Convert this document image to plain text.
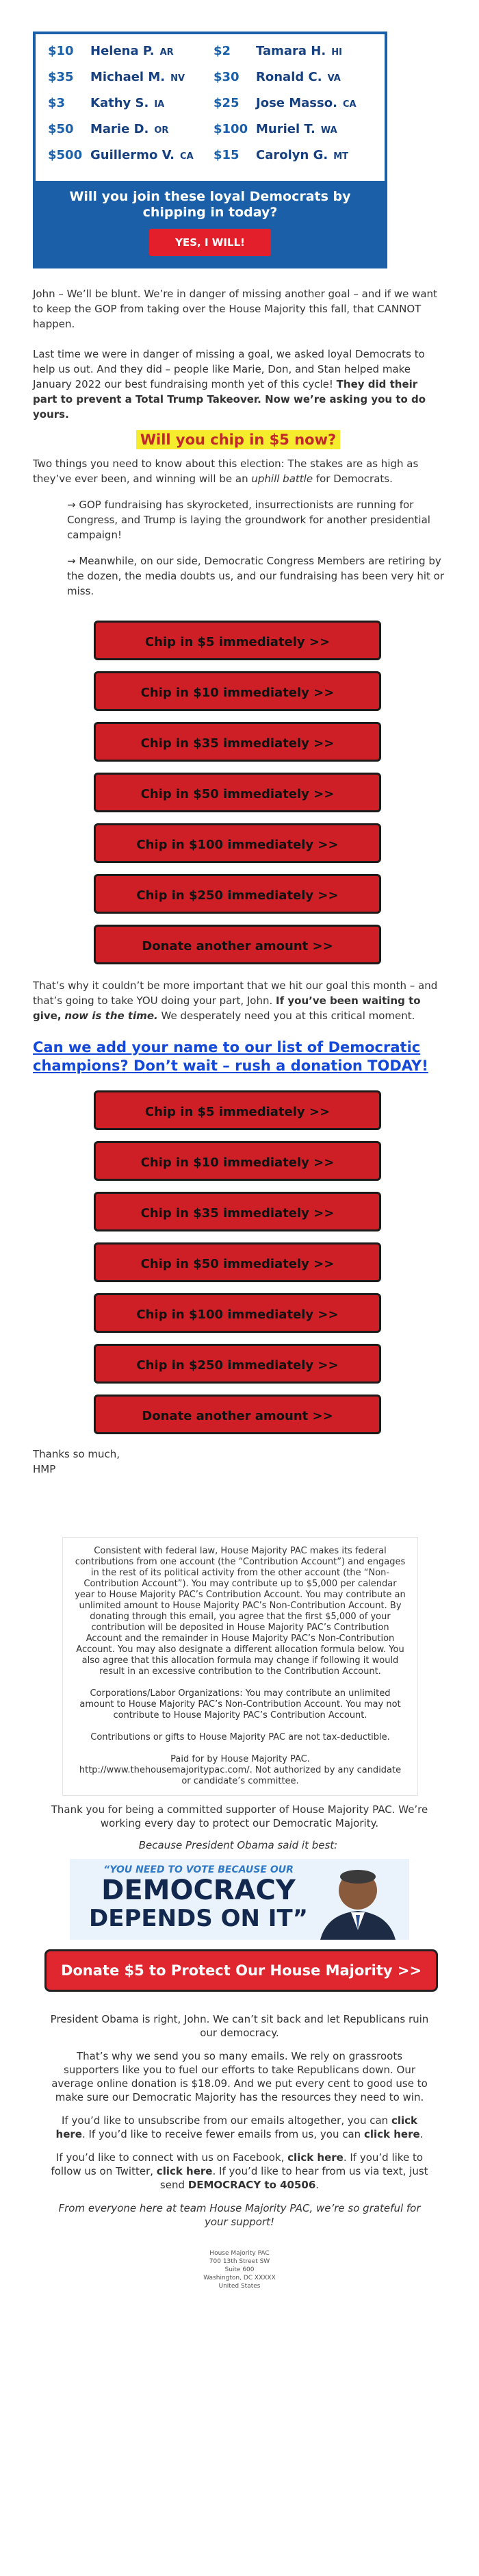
$10	Helena P. AR	$2	Tamara H. HI
$35	Michael M. NV $30	Ronald C. VA
$3	Kathy S. IA	$25	Jose Masso. CA
$50	Marie D. OR	$100 Muriel T. WA
$500 Guillermo V. CA $15	Carolyn G. MT
Will you join these loyal Democrats by chipping in today?
YES, I WILL!

John – We’ll be blunt. We’re in danger of missing another goal – and if we want to keep the GOP from taking over the House Majority this fall, that CANNOT happen.

Last time we were in danger of missing a goal, we asked loyal Democrats to help us out. And they did – people like Marie, Don, and Stan helped make January 2022 our best fundraising month yet of this cycle! They did their part to prevent a Total Trump Takeover. Now we’re asking you to do yours.

Will you chip in $5 now?

Two things you need to know about this election: The stakes are as high as they’ve ever been, and winning will be an uphill battle for Democrats.

→ GOP fundraising has skyrocketed, insurrectionists are running for Congress, and Trump is laying the groundwork for another presidential campaign!

→ Meanwhile, on our side, Democratic Congress Members are retiring by the dozen, the media doubts us, and our fundraising has been very hit or miss.

Chip in $5 immediately >>
Chip in $10 immediately >>
Chip in $35 immediately >>
Chip in $50 immediately >>
Chip in $100 immediately >>
Chip in $250 immediately >>
Donate another amount >>

That’s why it couldn’t be more important that we hit our goal this month – and that’s going to take YOU doing your part, John. If you’ve been waiting to give, now is the time. We desperately need you at this critical moment.

Can we add your name to our list of Democratic champions? Don’t wait – rush a donation TODAY!
Chip in $5 immediately >>
Chip in $10 immediately >>
Chip in $35 immediately >>
Chip in $50 immediately >>
Chip in $100 immediately >>
Chip in $250 immediately >>
Donate another amount >>

Thanks so much,

HMP

Consistent with federal law, House Majority PAC makes its federal contributions from one account (the “Contribution Account”) and engages in the rest of its political activity from the other account (the “Non-Contribution Account”). You may contribute up to $5,000 per calendar year to House Majority PAC’s Contribution Account. You may contribute an unlimited amount to House Majority PAC’s Non-Contribution Account. By donating through this email, you agree that the first $5,000 of your contribution will be deposited in House Majority PAC’s Contribution Account and the remainder in House Majority PAC’s Non-Contribution Account. You may also designate a different allocation formula below. You also agree that this allocation formula may change if following it would result in an excessive contribution to the Contribution Account.

Corporations/Labor Organizations: You may contribute an unlimited amount to House Majority PAC’s Non-Contribution Account. You may not contribute to House Majority PAC’s Contribution Account.

Contributions or gifts to House Majority PAC are not tax-deductible.

Paid for by House Majority PAC.

http://www.thehousemajoritypac.com/. Not authorized by any candidate or candidate’s committee.

Thank you for being a committed supporter of House Majority PAC. We’re working every day to protect our Democratic Majority.
Because President Obama said it best:
“YOU NEED TO VOTE BECAUSE OUR
DEMOCRACY
DEPENDS ON IT”
Donate $5 to Protect Our House Majority >>
President Obama is right, John. We can’t sit back and let Republicans ruin our democracy.
That’s why we send you so many emails. We rely on grassroots supporters like you to fuel our efforts to take Republicans down. Our average online donation is $18.09. And we put every cent to good use to make sure our Democratic Majority has the resources they need to win.
If you’d like to unsubscribe from our emails altogether, you can click here. If you’d like to receive fewer emails from us, you can click here.
If you’d like to connect with us on Facebook, click here. If you’d like to follow us on Twitter, click here. If you’d like to hear from us via text, just send DEMOCRACY to 40506.
From everyone here at team House Majority PAC, we’re so grateful for your support!
House Majority PAC
700 13th Street SW
Suite 600
Washington, DC XXXXX
United States
